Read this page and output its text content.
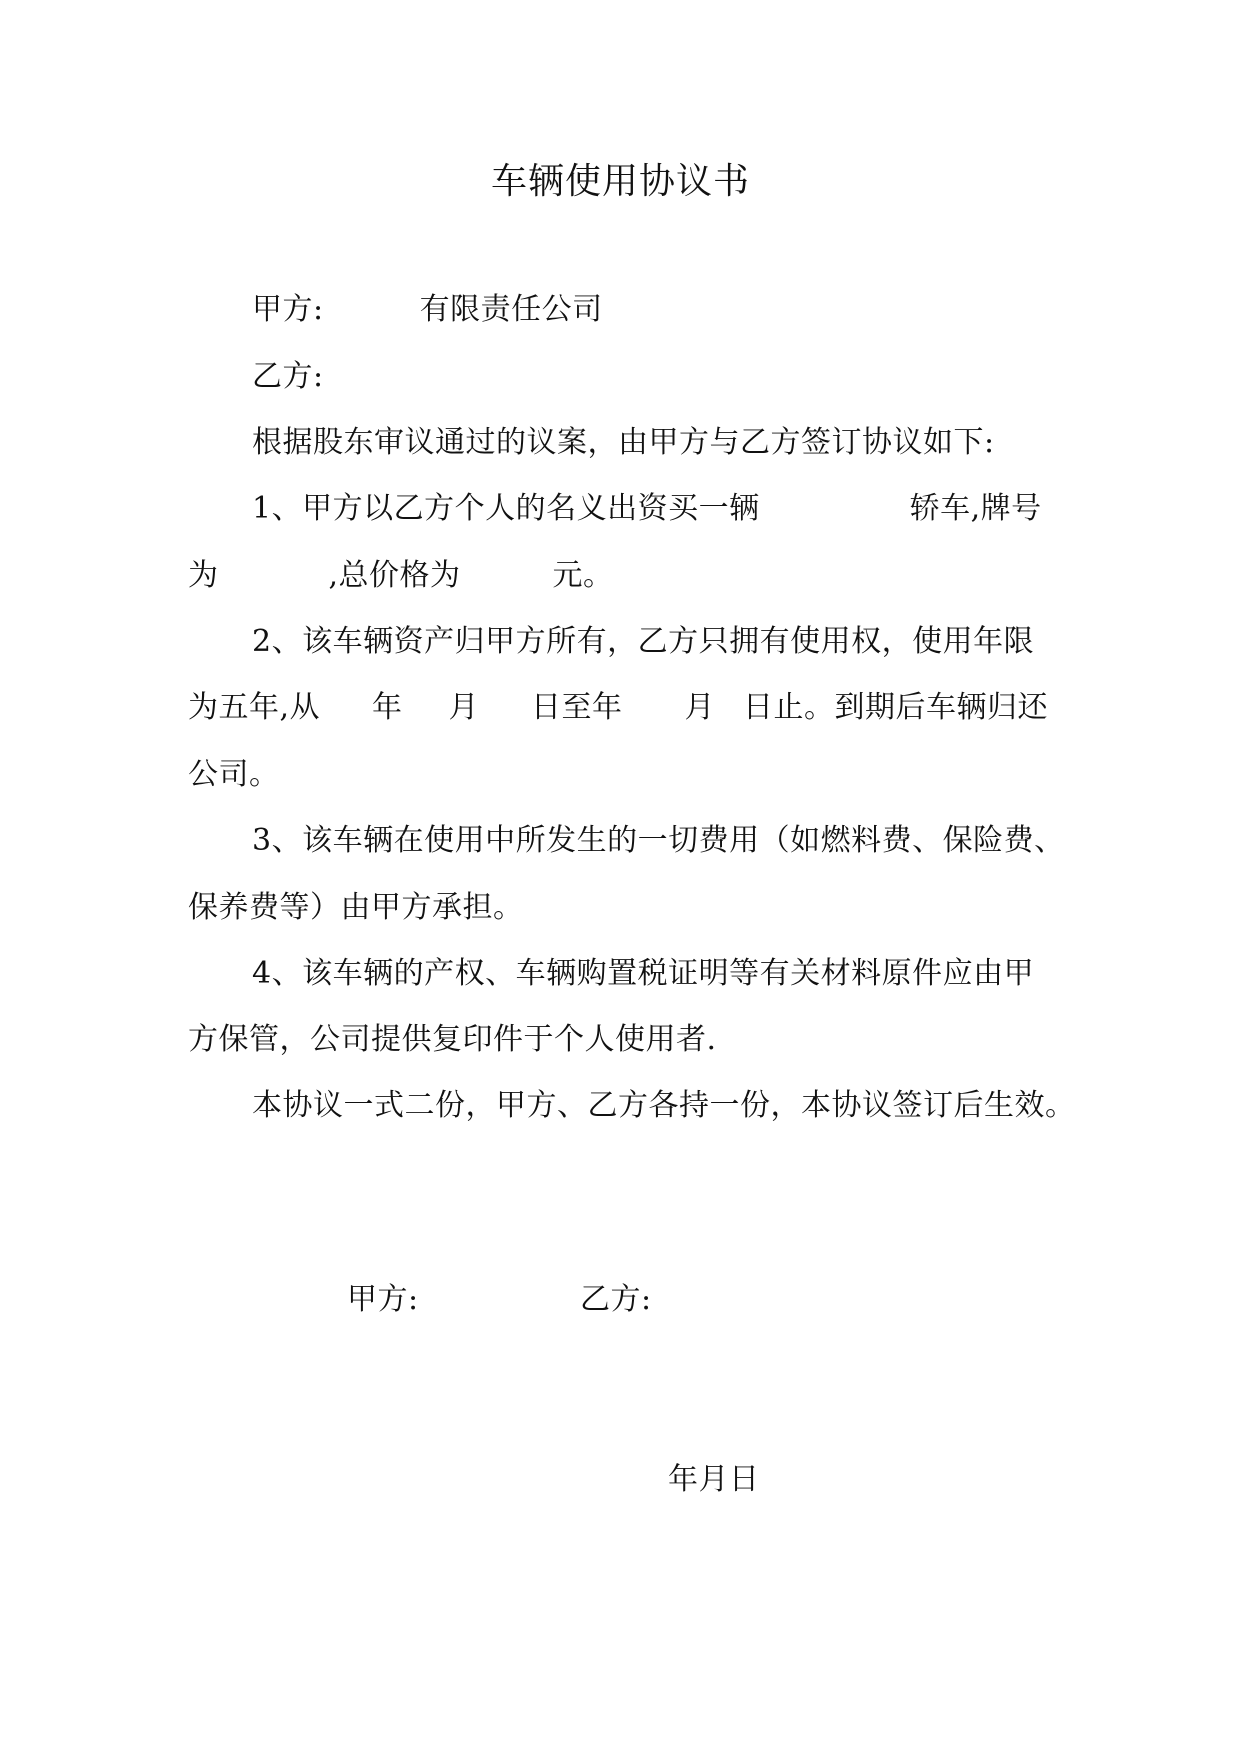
车辆使用协议书
甲方:	有限责任公司
乙方:
根据股东审议通过的议案，由甲方与乙方签订协议如下:
1、甲方以乙方个人的名义出资买一辆	轿车,牌号
为	,总价格为	元。
2、该车辆资产归甲方所有，乙方只拥有使用权，使用年限
为五年,从 年 月 日至年 月 日止。到期后车辆归还
公司。
3、该车辆在使用中所发生的一切费用（如燃料费、保险费、
保养费等）由甲方承担。
4、该车辆的产权、车辆购置税证明等有关材料原件应由甲
方保管，公司提供复印件于个人使用者.
本协议一式二份，甲方、乙方各持一份，本协议签订后生效。
甲方:	乙方:
年月日
